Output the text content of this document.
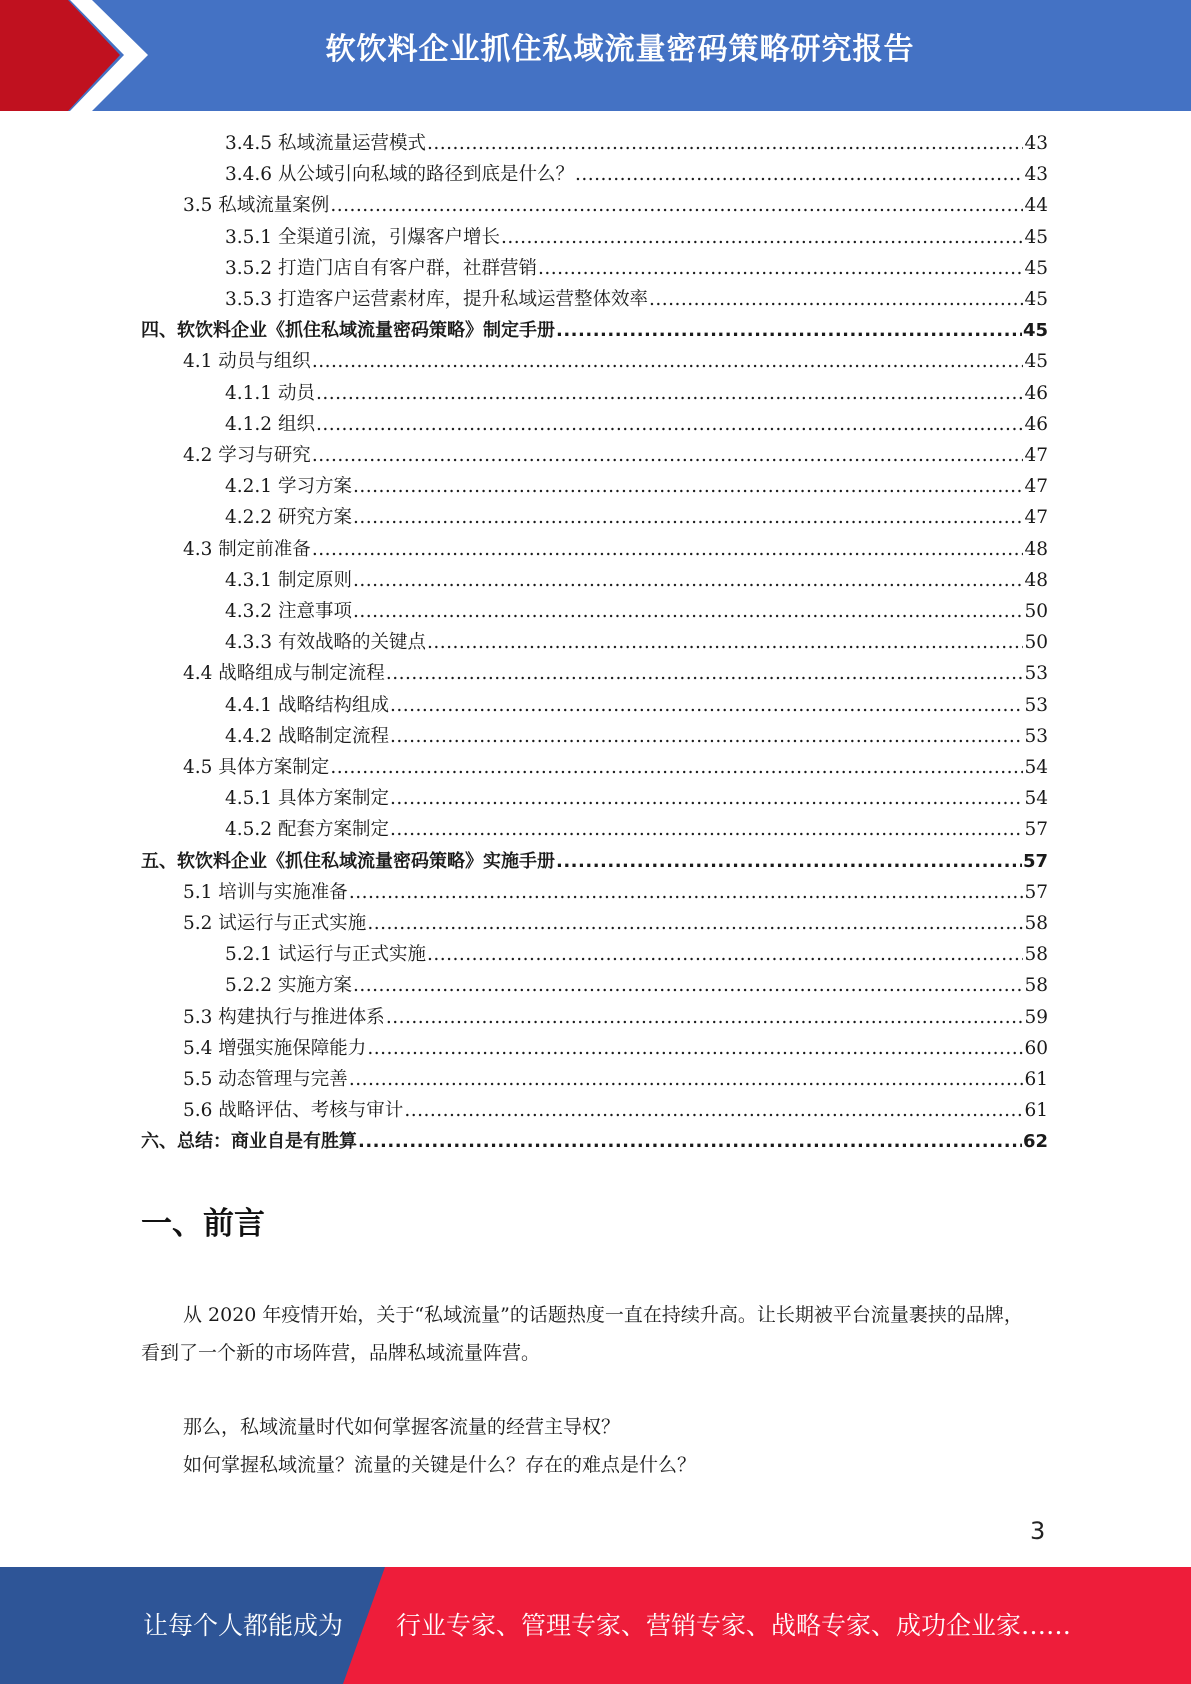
软饮料企业抓住私域流量密码策略研究报告
3.4.5 私域流量运营模式 .....	43
3.4.6 从公域引向私域的路径到底是什么？ .....	43
3.5 私域流量案例 .....	44
3.5.1 全渠道引流，引爆客户增长 .....	45
3.5.2 打造门店自有客户群，社群营销 .....	45
3.5.3 打造客户运营素材库，提升私域运营整体效率 .....	45
四、软饮料企业《抓住私域流量密码策略》制定手册 .....	45
4.1 动员与组织 .....	45
4.1.1 动员 .....	46
4.1.2 组织 .....	46
4.2 学习与研究 .....	47
4.2.1 学习方案 .....	47
4.2.2 研究方案 .....	47
4.3 制定前准备 .....	48
4.3.1 制定原则 .....	48
4.3.2 注意事项 .....	50
4.3.3 有效战略的关键点 .....	50
4.4 战略组成与制定流程 .....	53
4.4.1 战略结构组成 .....	53
4.4.2 战略制定流程 .....	53
4.5 具体方案制定 .....	54
4.5.1 具体方案制定 .....	54
4.5.2 配套方案制定 .....	57
五、软饮料企业《抓住私域流量密码策略》实施手册 .....	57
5.1 培训与实施准备 .....	57
5.2 试运行与正式实施 .....	58
5.2.1 试运行与正式实施 .....	58
5.2.2 实施方案 .....	58
5.3 构建执行与推进体系 .....	59
5.4 增强实施保障能力 .....	60
5.5 动态管理与完善 .....	61
5.6 战略评估、考核与审计 .....	61
六、总结：商业自是有胜算 .....	62
一、前言
从 2020 年疫情开始，关于“私域流量”的话题热度一直在持续升高。让长期被平台流量裹挟的品牌，看到了一个新的市场阵营，品牌私域流量阵营。
那么，私域流量时代如何掌握客流量的经营主导权？
如何掌握私域流量？流量的关键是什么？存在的难点是什么？
3
让每个人都能成为 行业专家、管理专家、营销专家、战略专家、成功企业家……
